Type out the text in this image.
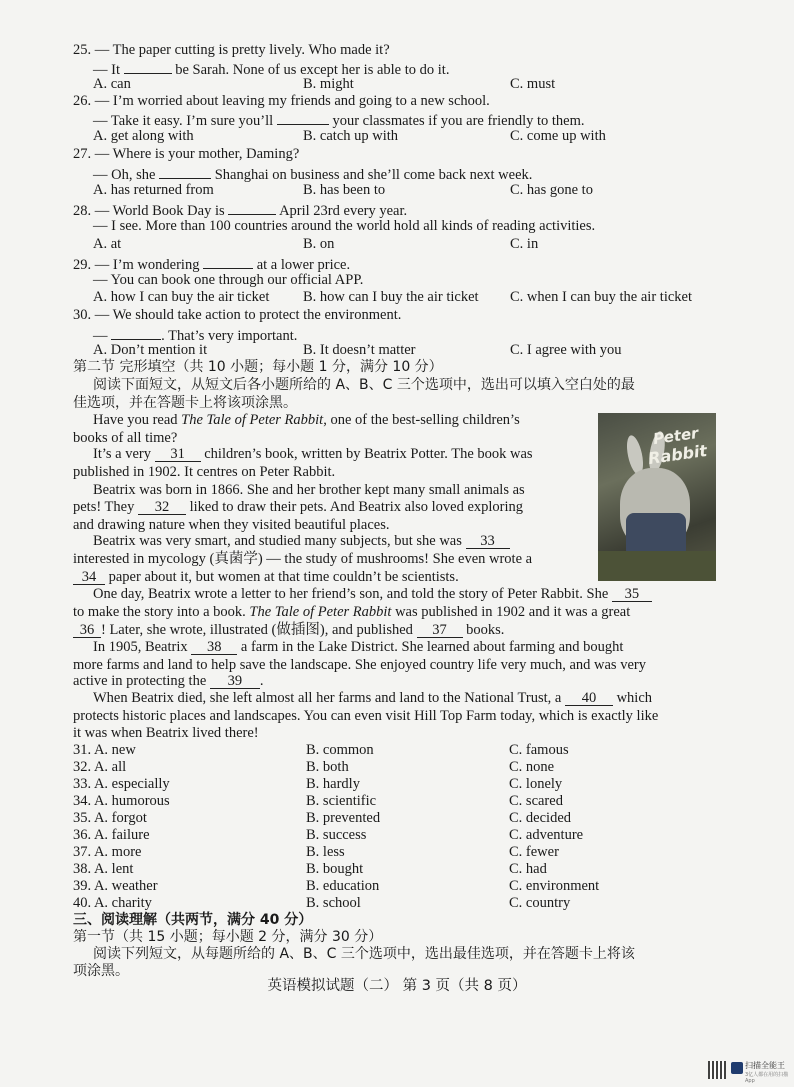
25. — The paper cutting is pretty lively. Who made it?
— It	be Sarah. None of us except her is able to do it.
A. can	B. might	C. must
26. — I’m worried about leaving my friends and going to a new school.
— Take it easy. I’m sure you’ll	your classmates if you are friendly to them.
A. get along with	B. catch up with	C. come up with
27. — Where is your mother, Daming?
— Oh, she	Shanghai on business and she’ll come back next week.
A. has returned from	B. has been to	C. has gone to
28. — World Book Day is	April 23rd every year.
— I see. More than 100 countries around the world hold all kinds of reading activities.
A. at	B. on	C. in
29. — I’m wondering	at a lower price.
— You can book one through our official APP.
A. how I can buy the air ticket B. how can I buy the air ticket C. when I can buy the air ticket
30. — We should take action to protect the environment.
—	. That’s very important.
A. Don’t mention it	B. It doesn’t matter	C. I agree with you
第二节 完形填空（共 10 小题；每小题 1 分，满分 10 分）
阅读下面短文，从短文后各小题所给的 A、B、C 三个选项中，选出可以填入空白处的最
佳选项，并在答题卡上将该项涂黑。
Peter
Rabbit
Have you read The Tale of Peter Rabbit, one of the best-selling children’s
books of all time?
It’s a very 31 children’s book, written by Beatrix Potter. The book was
published in 1902. It centres on Peter Rabbit.
Beatrix was born in 1866. She and her brother kept many small animals as
pets! They 32 liked to draw their pets. And Beatrix also loved exploring
and drawing nature when they visited beautiful places.
Beatrix was very smart, and studied many subjects, but she was 33
interested in mycology (真菌学) — the study of mushrooms! She even wrote a
34 paper about it, but women at that time couldn’t be scientists.
One day, Beatrix wrote a letter to her friend’s son, and told the story of Peter Rabbit. She 35
to make the story into a book. The Tale of Peter Rabbit was published in 1902 and it was a great
36 ! Later, she wrote, illustrated (做插图), and published 37 books.
In 1905, Beatrix 38 a farm in the Lake District. She learned about farming and bought
more farms and land to help save the landscape. She enjoyed country life very much, and was very
active in protecting the 39 .
When Beatrix died, she left almost all her farms and land to the National Trust, a 40 which
protects historic places and landscapes. You can even visit Hill Top Farm today, which is exactly like
it was when Beatrix lived there!
31. A. new	B. common	C. famous
32. A. all	B. both	C. none
33. A. especially	B. hardly	C. lonely
34. A. humorous	B. scientific	C. scared
35. A. forgot	B. prevented	C. decided
36. A. failure	B. success	C. adventure
37. A. more	B. less	C. fewer
38. A. lent	B. bought	C. had
39. A. weather	B. education	C. environment
40. A. charity	B. school	C. country
三、阅读理解（共两节，满分 40 分）
第一节（共 15 小题；每小题 2 分，满分 30 分）
阅读下列短文，从每题所给的 A、B、C 三个选项中，选出最佳选项，并在答题卡上将该
项涂黑。
英语模拟试题（二） 第 3 页（共 8 页）
扫描全能王
3亿人都在用的扫描App
